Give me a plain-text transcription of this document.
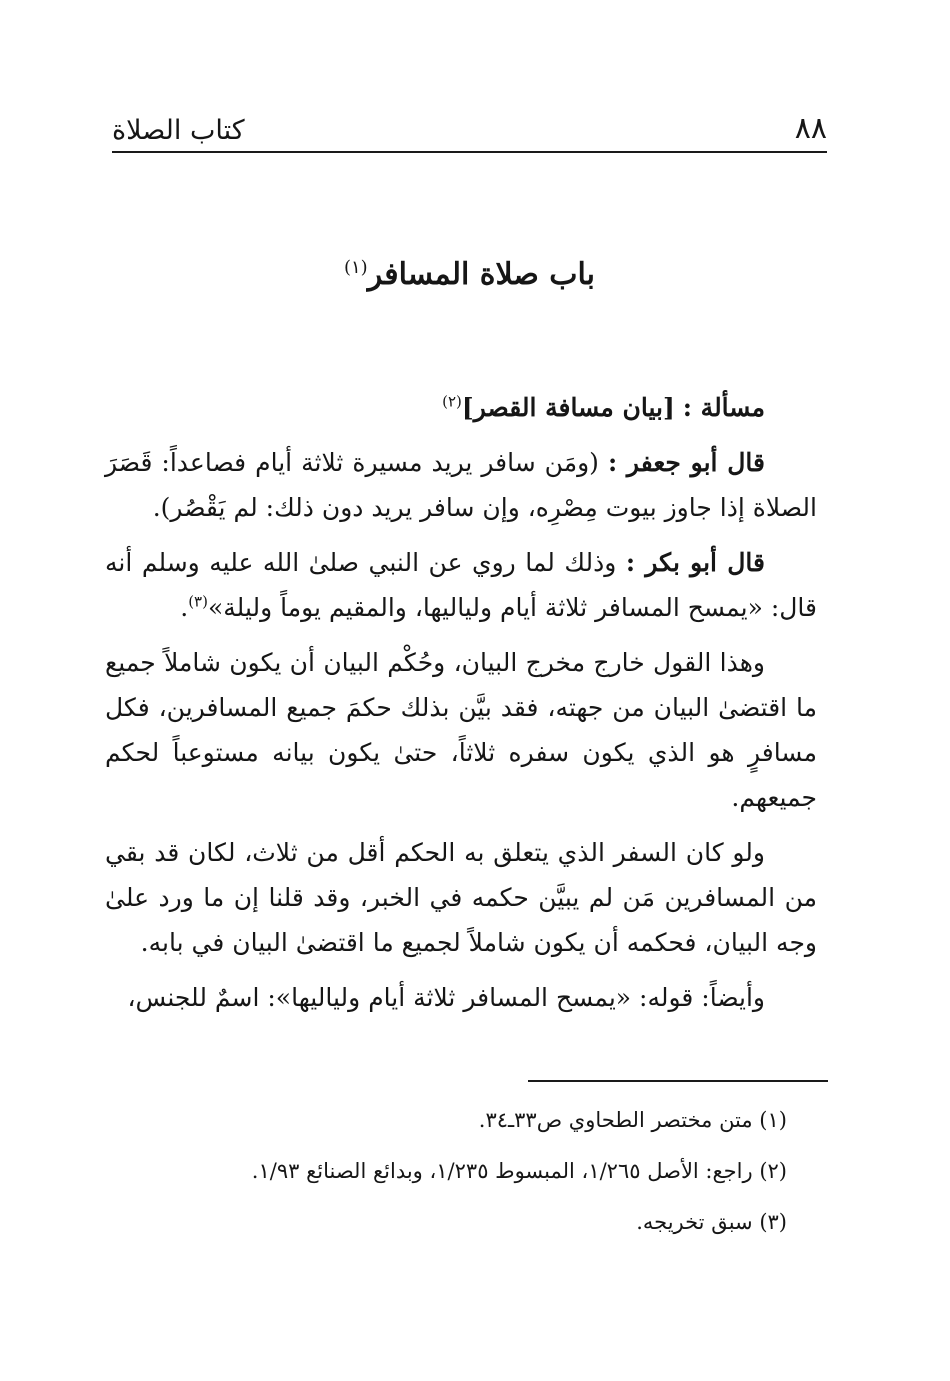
٨٨
كتاب الصلاة
باب صلاة المسافر$^{(١)}$

مسألة : [بيان مسافة القصر]$^{(٢)}$

قال أبو جعفر : (ومَن سافر يريد مسيرة ثلاثة أيام فصاعداً: قَصَرَ الصلاة إذا جاوز بيوت مِصْرِه، وإن سافر يريد دون ذلك: لم يَقْصُر).

قال أبو بكر : وذلك لما روي عن النبي صلىٰ الله عليه وسلم أنه قال: «يمسح المسافر ثلاثة أيام ولياليها، والمقيم يوماً وليلة»$^{(٣)}$.

وهذا القول خارج مخرج البيان، وحُكْم البيان أن يكون شاملاً جميع ما اقتضىٰ البيان من جهته، فقد بيَّن بذلك حكمَ جميع المسافرين، فكل مسافرٍ هو الذي يكون سفره ثلاثاً، حتىٰ يكون بيانه مستوعباً لحكم جميعهم.

ولو كان السفر الذي يتعلق به الحكم أقل من ثلاث، لكان قد بقي من المسافرين مَن لم يبيَّن حكمه في الخبر، وقد قلنا إن ما ورد علىٰ وجه البيان، فحكمه أن يكون شاملاً لجميع ما اقتضىٰ البيان في بابه.

وأيضاً: قوله: «يمسح المسافر ثلاثة أيام ولياليها»: اسمٌ للجنس،

(١) متن مختصر الطحاوي ص٣٣ـ٣٤.
(٢) راجع: الأصل ١/٢٦٥، المبسوط ١/٢٣٥، وبدائع الصنائع ١/٩٣.
(٣) سبق تخريجه.
